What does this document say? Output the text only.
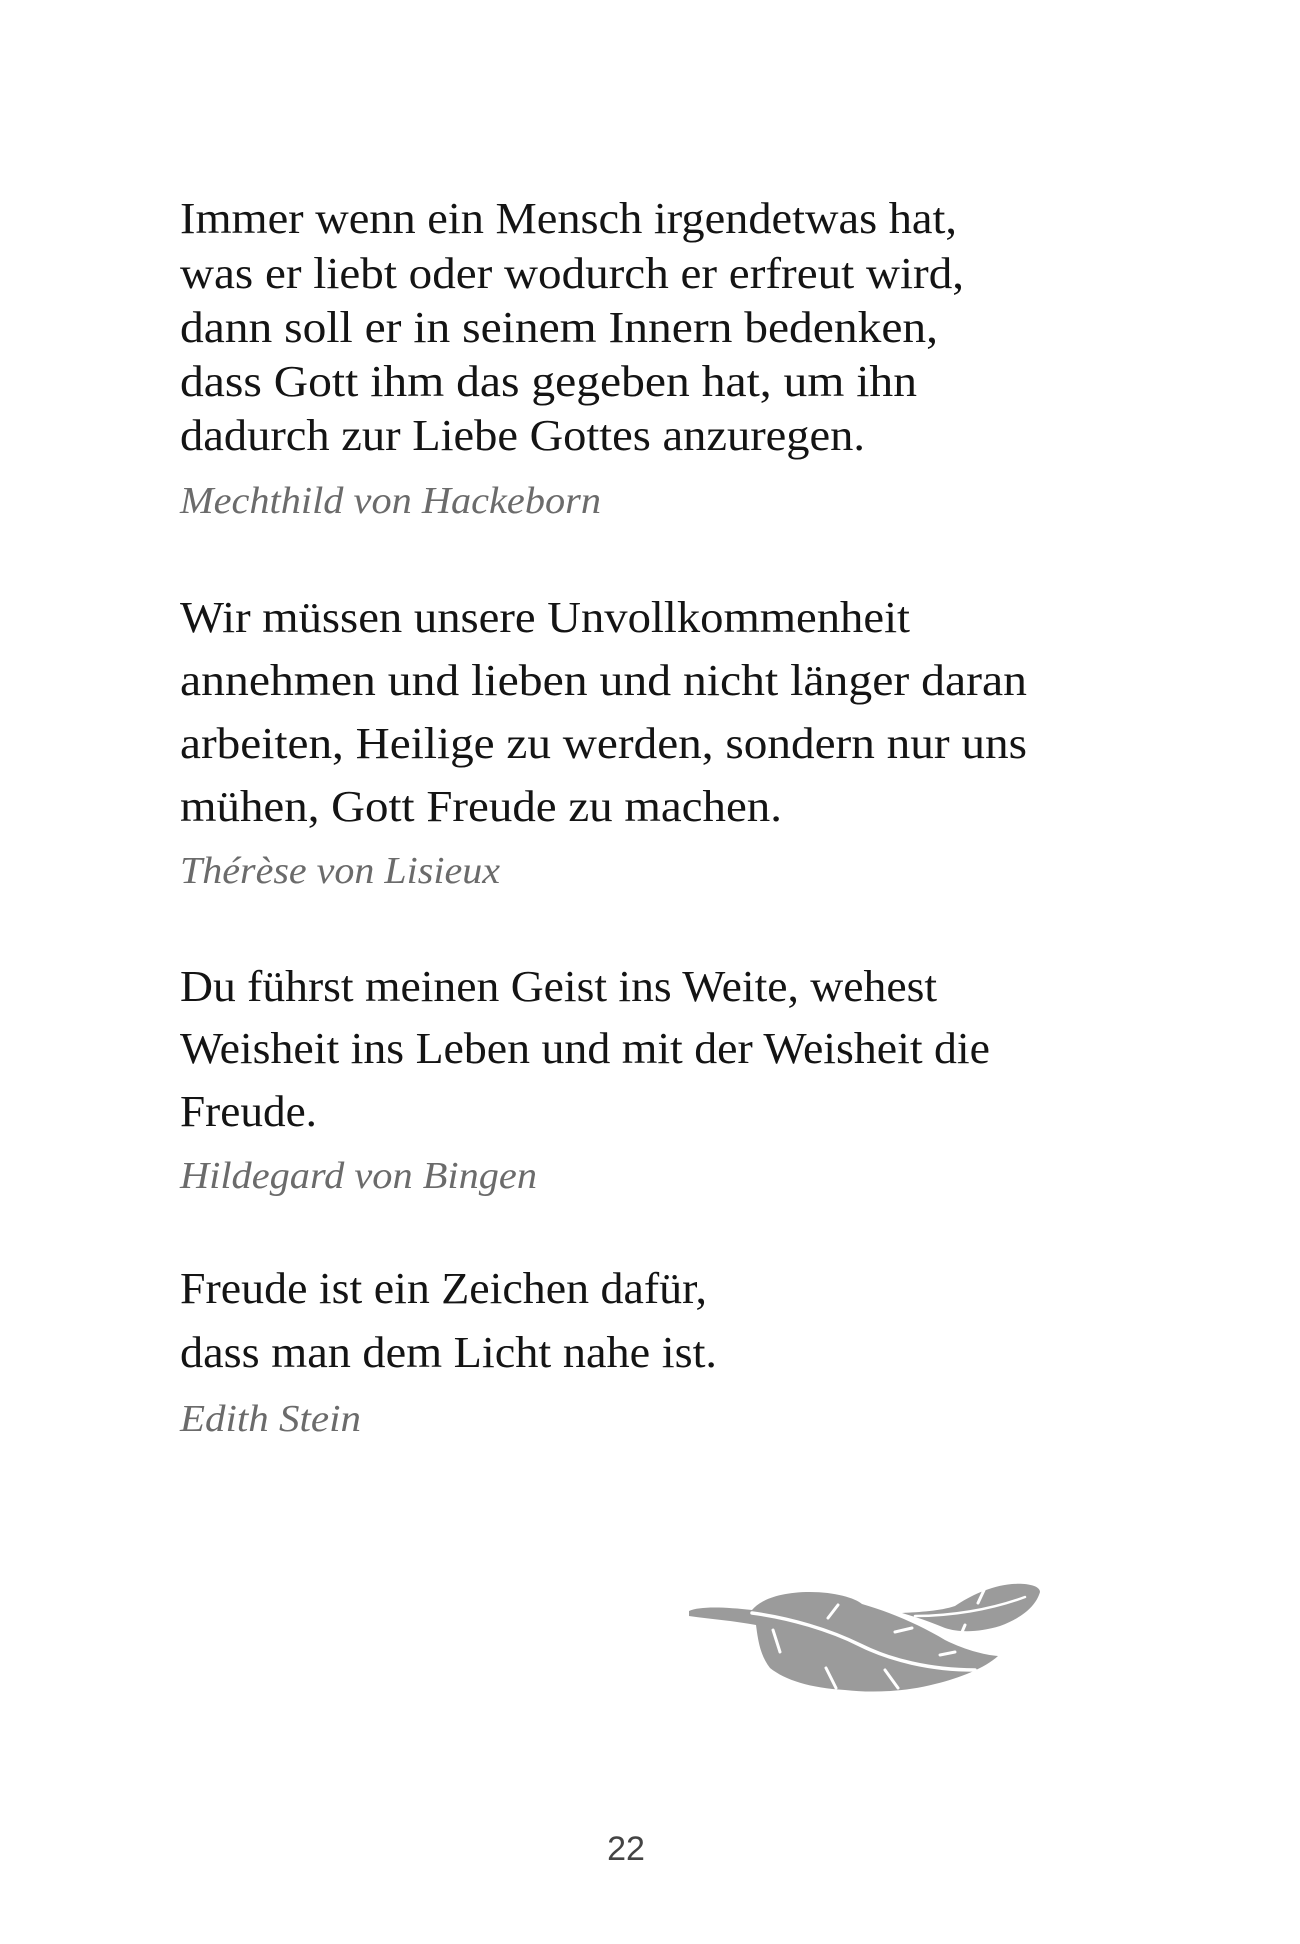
Immer wenn ein Mensch irgendetwas hat,
was er liebt oder wodurch er erfreut wird,
dann soll er in seinem Innern bedenken,
dass Gott ihm das gegeben hat, um ihn
dadurch zur Liebe Gottes anzuregen.
Mechthild von Hackeborn
Wir müssen unsere Unvollkommenheit
annehmen und lieben und nicht länger daran
arbeiten, Heilige zu werden, sondern nur uns
mühen, Gott Freude zu machen.
Thérèse von Lisieux
Du führst meinen Geist ins Weite, wehest
Weisheit ins Leben und mit der Weisheit die
Freude.
Hildegard von Bingen
Freude ist ein Zeichen dafür,
dass man dem Licht nahe ist.
Edith Stein
22
